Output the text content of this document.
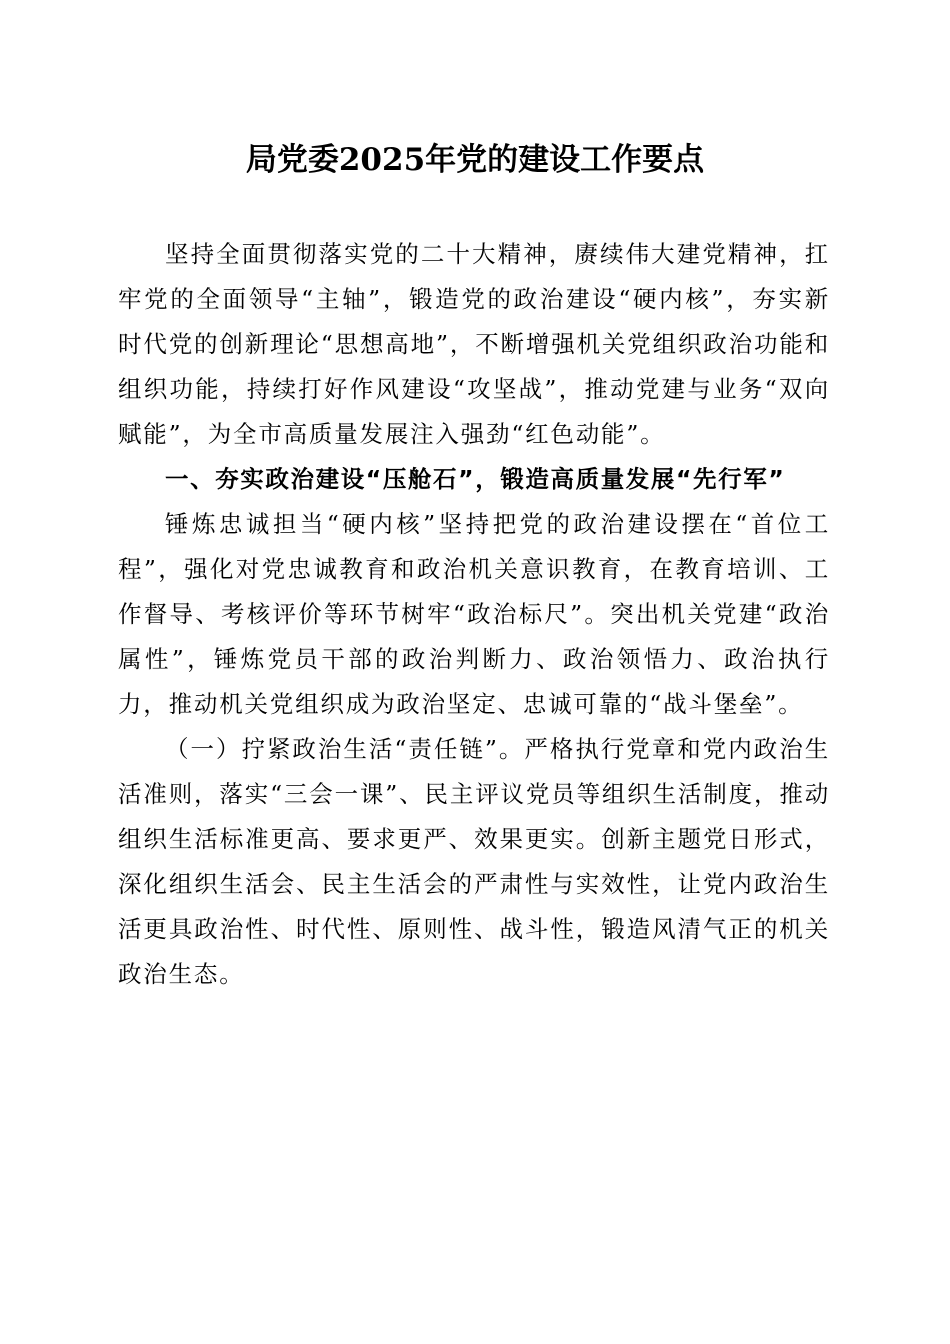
局党委2025年党的建设工作要点

坚持全面贯彻落实党的二十大精神，赓续伟大建党精神，扛牢党的全面领导“主轴”，锻造党的政治建设“硬内核”，夯实新时代党的创新理论“思想高地”，不断增强机关党组织政治功能和组织功能，持续打好作风建设“攻坚战”，推动党建与业务“双向赋能”，为全市高质量发展注入强劲“红色动能”。

一、夯实政治建设“压舱石”，锻造高质量发展“先行军”

锤炼忠诚担当“硬内核”坚持把党的政治建设摆在“首位工程”，强化对党忠诚教育和政治机关意识教育，在教育培训、工作督导、考核评价等环节树牢“政治标尺”。突出机关党建“政治属性”，锤炼党员干部的政治判断力、政治领悟力、政治执行力，推动机关党组织成为政治坚定、忠诚可靠的“战斗堡垒”。

（一）拧紧政治生活“责任链”。严格执行党章和党内政治生活准则，落实“三会一课”、民主评议党员等组织生活制度，推动组织生活标准更高、要求更严、效果更实。创新主题党日形式，深化组织生活会、民主生活会的严肃性与实效性，让党内政治生活更具政治性、时代性、原则性、战斗性，锻造风清气正的机关政治生态。
